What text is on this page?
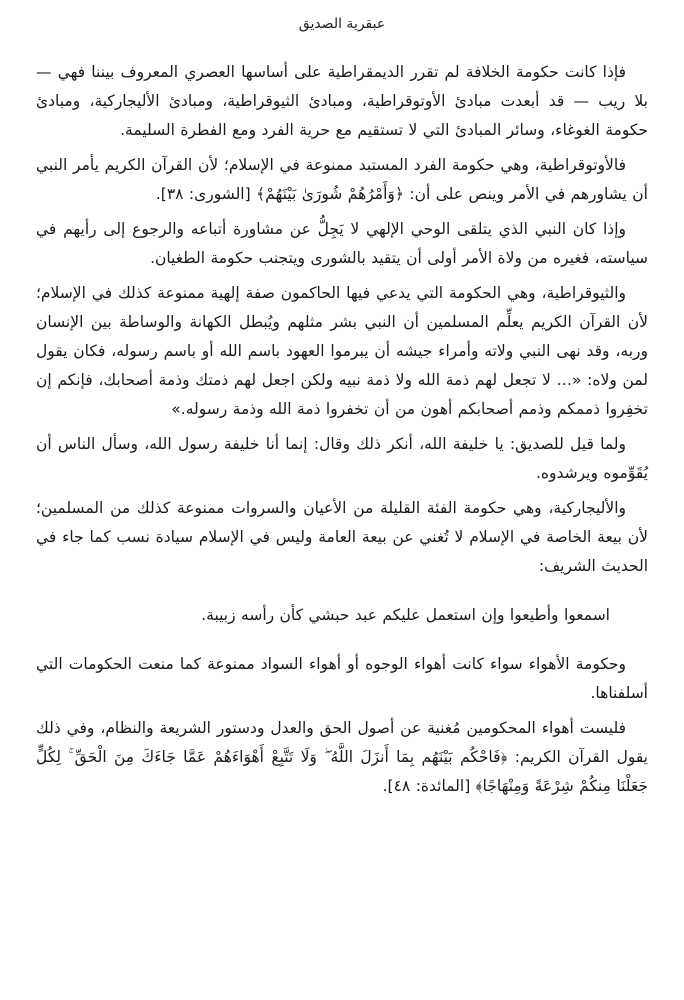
عبقرية الصديق

فإذا كانت حكومة الخلافة لم تقرر الديمقراطية على أساسها العصري المعروف بيننا فهي — بلا ريب — قد أبعدت مبادئ الأوتوقراطية، ومبادئ الثيوقراطية، ومبادئ الأليجاركية، ومبادئ حكومة الغوغاء، وسائر المبادئ التي لا تستقيم مع حرية الفرد ومع الفطرة السليمة.

فالأوتوقراطية، وهي حكومة الفرد المستبد ممنوعة في الإسلام؛ لأن القرآن الكريم يأمر النبي أن يشاورهم في الأمر وينص على أن: ﴿وَأَمْرُهُمْ شُورَىٰ بَيْنَهُمْ﴾ [الشورى: ٣٨].

وإذا كان النبي الذي يتلقى الوحي الإلهي لا يَجِلُّ عن مشاورة أتباعه والرجوع إلى رأيهم في سياسته، فغيره من ولاة الأمر أولى أن يتقيد بالشورى ويتجنب حكومة الطغيان.

والثيوقراطية، وهي الحكومة التي يدعي فيها الحاكمون صفة إلهية ممنوعة كذلك في الإسلام؛ لأن القرآن الكريم يعلِّم المسلمين أن النبي بشر مثلهم ويُبطل الكهانة والوساطة بين الإنسان وربه، وقد نهى النبي ولاته وأمراء جيشه أن يبرموا العهود باسم الله أو باسم رسوله، فكان يقول لمن ولاه: «… لا تجعل لهم ذمة الله ولا ذمة نبيه ولكن اجعل لهم ذمتك وذمة أصحابك، فإنكم إن تخفِروا ذممكم وذمم أصحابكم أهون من أن تخفروا ذمة الله وذمة رسوله.»

ولما قيل للصديق: يا خليفة الله، أنكر ذلك وقال: إنما أنا خليفة رسول الله، وسأل الناس أن يُقَوِّموه ويرشدوه.

والأليجاركية، وهي حكومة الفئة القليلة من الأعيان والسروات ممنوعة كذلك من المسلمين؛ لأن بيعة الخاصة في الإسلام لا تُغني عن بيعة العامة وليس في الإسلام سيادة نسب كما جاء في الحديث الشريف:

اسمعوا وأطيعوا وإن استعمل عليكم عبد حبشي كأن رأسه زبيبة.

وحكومة الأهواء سواء كانت أهواء الوجوه أو أهواء السواد ممنوعة كما منعت الحكومات التي أسلفناها.

فليست أهواء المحكومين مُغنية عن أصول الحق والعدل ودستور الشريعة والنظام، وفي ذلك يقول القرآن الكريم: ﴿فَاحْكُم بَيْنَهُم بِمَا أَنزَلَ اللَّهُ ۖ وَلَا تَتَّبِعْ أَهْوَاءَهُمْ عَمَّا جَاءَكَ مِنَ الْحَقِّ ۚ لِكُلٍّ جَعَلْنَا مِنكُمْ شِرْعَةً وَمِنْهَاجًا﴾ [المائدة: ٤٨].
